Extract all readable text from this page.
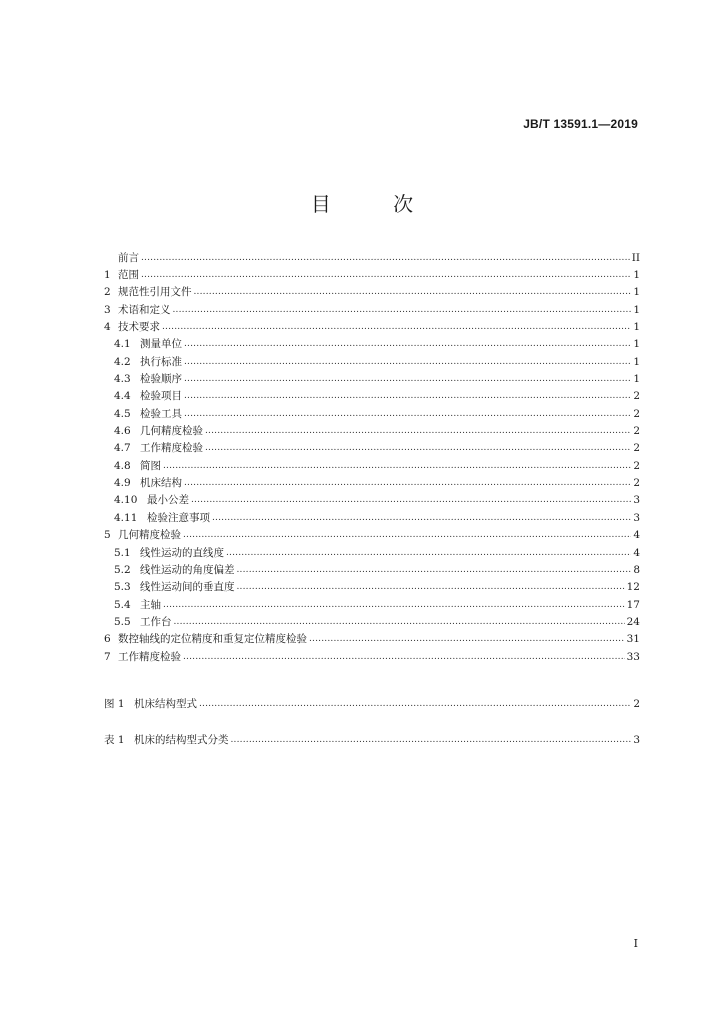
JB/T 13591.1—2019
目 次
前言 .....	II
1 范围 .....	1
2 规范性引用文件 .....	1
3 术语和定义 .....	1
4 技术要求 .....	1
4.1 测量单位 .....	1
4.2 执行标准 .....	1
4.3 检验顺序 .....	1
4.4 检验项目 .....	2
4.5 检验工具 .....	2
4.6 几何精度检验 .....	2
4.7 工作精度检验 .....	2
4.8 简图 .....	2
4.9 机床结构 .....	2
4.10 最小公差 .....	3
4.11 检验注意事项 .....	3
5 几何精度检验 .....	4
5.1 线性运动的直线度 .....	4
5.2 线性运动的角度偏差 .....	8
5.3 线性运动间的垂直度 .....	12
5.4 主轴 .....	17
5.5 工作台 .....	24
6 数控轴线的定位精度和重复定位精度检验 .....	31
7 工作精度检验 .....	33
图 1 机床结构型式 .....	2
表 1 机床的结构型式分类 .....	3
I
